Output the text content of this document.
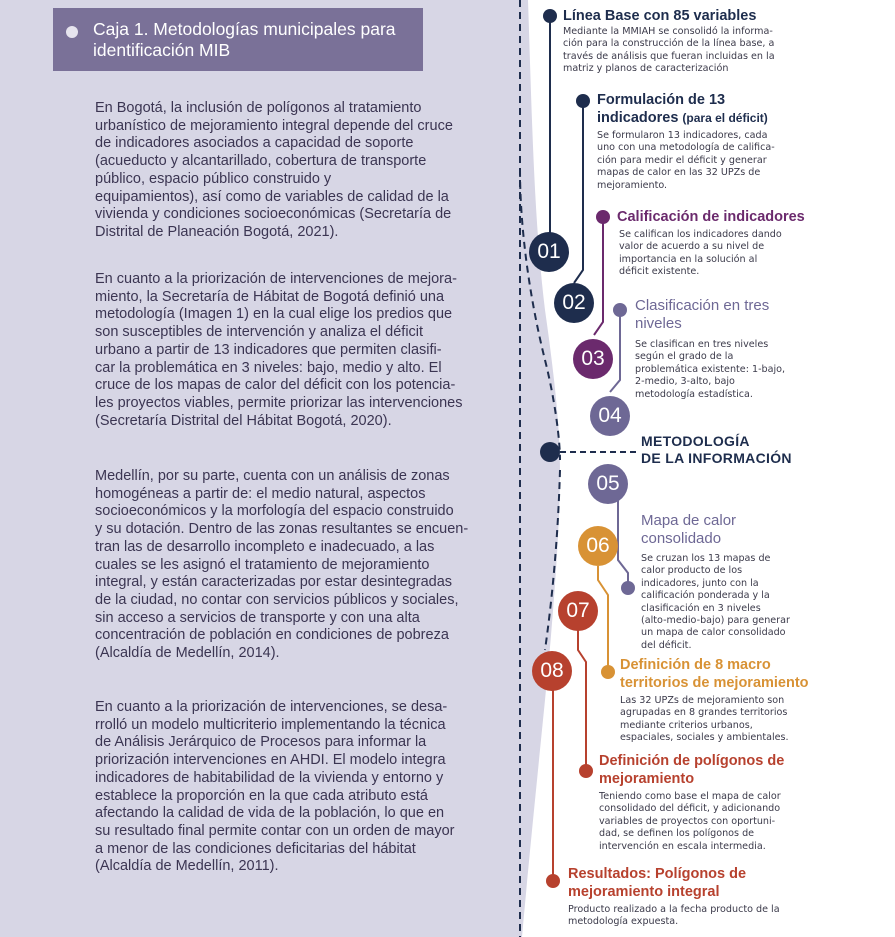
Caja 1. Metodologías municipales para
identificación MIB

En Bogotá, la inclusión de polígonos al tratamiento
urbanístico de mejoramiento integral depende del cruce
de indicadores asociados a capacidad de soporte
(acueducto y alcantarillado, cobertura de transporte
público, espacio público construido y
equipamientos), así como de variables de calidad de la
vivienda y condiciones socioeconómicas (Secretaría de
Distrital de Planeación Bogotá, 2021).

En cuanto a la priorización de intervenciones de mejora-
miento, la Secretaría de Hábitat de Bogotá definió una
metodología (Imagen 1) en la cual elige los predios que
son susceptibles de intervención y analiza el déficit
urbano a partir de 13 indicadores que permiten clasifi-
car la problemática en 3 niveles: bajo, medio y alto. El
cruce de los mapas de calor del déficit con los potencia-
les proyectos viables, permite priorizar las intervenciones
(Secretaría Distrital del Hábitat Bogotá, 2020).

Medellín, por su parte, cuenta con un análisis de zonas
homogéneas a partir de: el medio natural, aspectos
socioeconómicos y la morfología del espacio construido
y su dotación. Dentro de las zonas resultantes se encuen-
tran las de desarrollo incompleto e inadecuado, a las
cuales se les asignó el tratamiento de mejoramiento
integral, y están caracterizadas por estar desintegradas
de la ciudad, no contar con servicios públicos y sociales,
sin acceso a servicios de transporte y con una alta
concentración de población en condiciones de pobreza
(Alcaldía de Medellín, 2014).

En cuanto a la priorización de intervenciones, se desa-
rrolló un modelo multicriterio implementando la técnica
de Análisis Jerárquico de Procesos para informar la
priorización intervenciones en AHDI. El modelo integra
indicadores de habitabilidad de la vivienda y entorno y
establece la proporción en la que cada atributo está
afectando la calidad de vida de la población, lo que en
su resultado final permite contar con un orden de mayor
a menor de las condiciones deficitarias del hábitat
(Alcaldía de Medellín, 2011).

01
02
03
04
05
06
07
08
Línea Base con 85 variables
Mediante la MMIAH se consolidó la informa-
ción para la construcción de la línea base, a
través de análisis que fueran incluidas en la
matriz y planos de caracterización
Formulación de 13
indicadores (para el déficit)
Se formularon 13 indicadores, cada
uno con una metodología de califica-
ción para medir el déficit y generar
mapas de calor en las 32 UPZs de
mejoramiento.
Calificación de indicadores
Se califican los indicadores dando
valor de acuerdo a su nivel de
importancia en la solución al
déficit existente.
Clasificación en tres
niveles
Se clasifican en tres niveles
según el grado de la
problemática existente: 1-bajo,
2-medio, 3-alto, bajo
metodología estadística.
METODOLOGÍA
DE LA INFORMACIÓN
Mapa de calor
consolidado
Se cruzan los 13 mapas de
calor producto de los
indicadores, junto con la
calificación ponderada y la
clasificación en 3 niveles
(alto-medio-bajo) para generar
un mapa de calor consolidado
del déficit.
Definición de 8 macro
territorios de mejoramiento
Las 32 UPZs de mejoramiento son
agrupadas en 8 grandes territorios
mediante criterios urbanos,
espaciales, sociales y ambientales.
Definición de polígonos de
mejoramiento
Teniendo como base el mapa de calor
consolidado del déficit, y adicionando
variables de proyectos con oportuni-
dad, se definen los polígonos de
intervención en escala intermedia.
Resultados: Polígonos de
mejoramiento integral
Producto realizado a la fecha producto de la
metodología expuesta.
